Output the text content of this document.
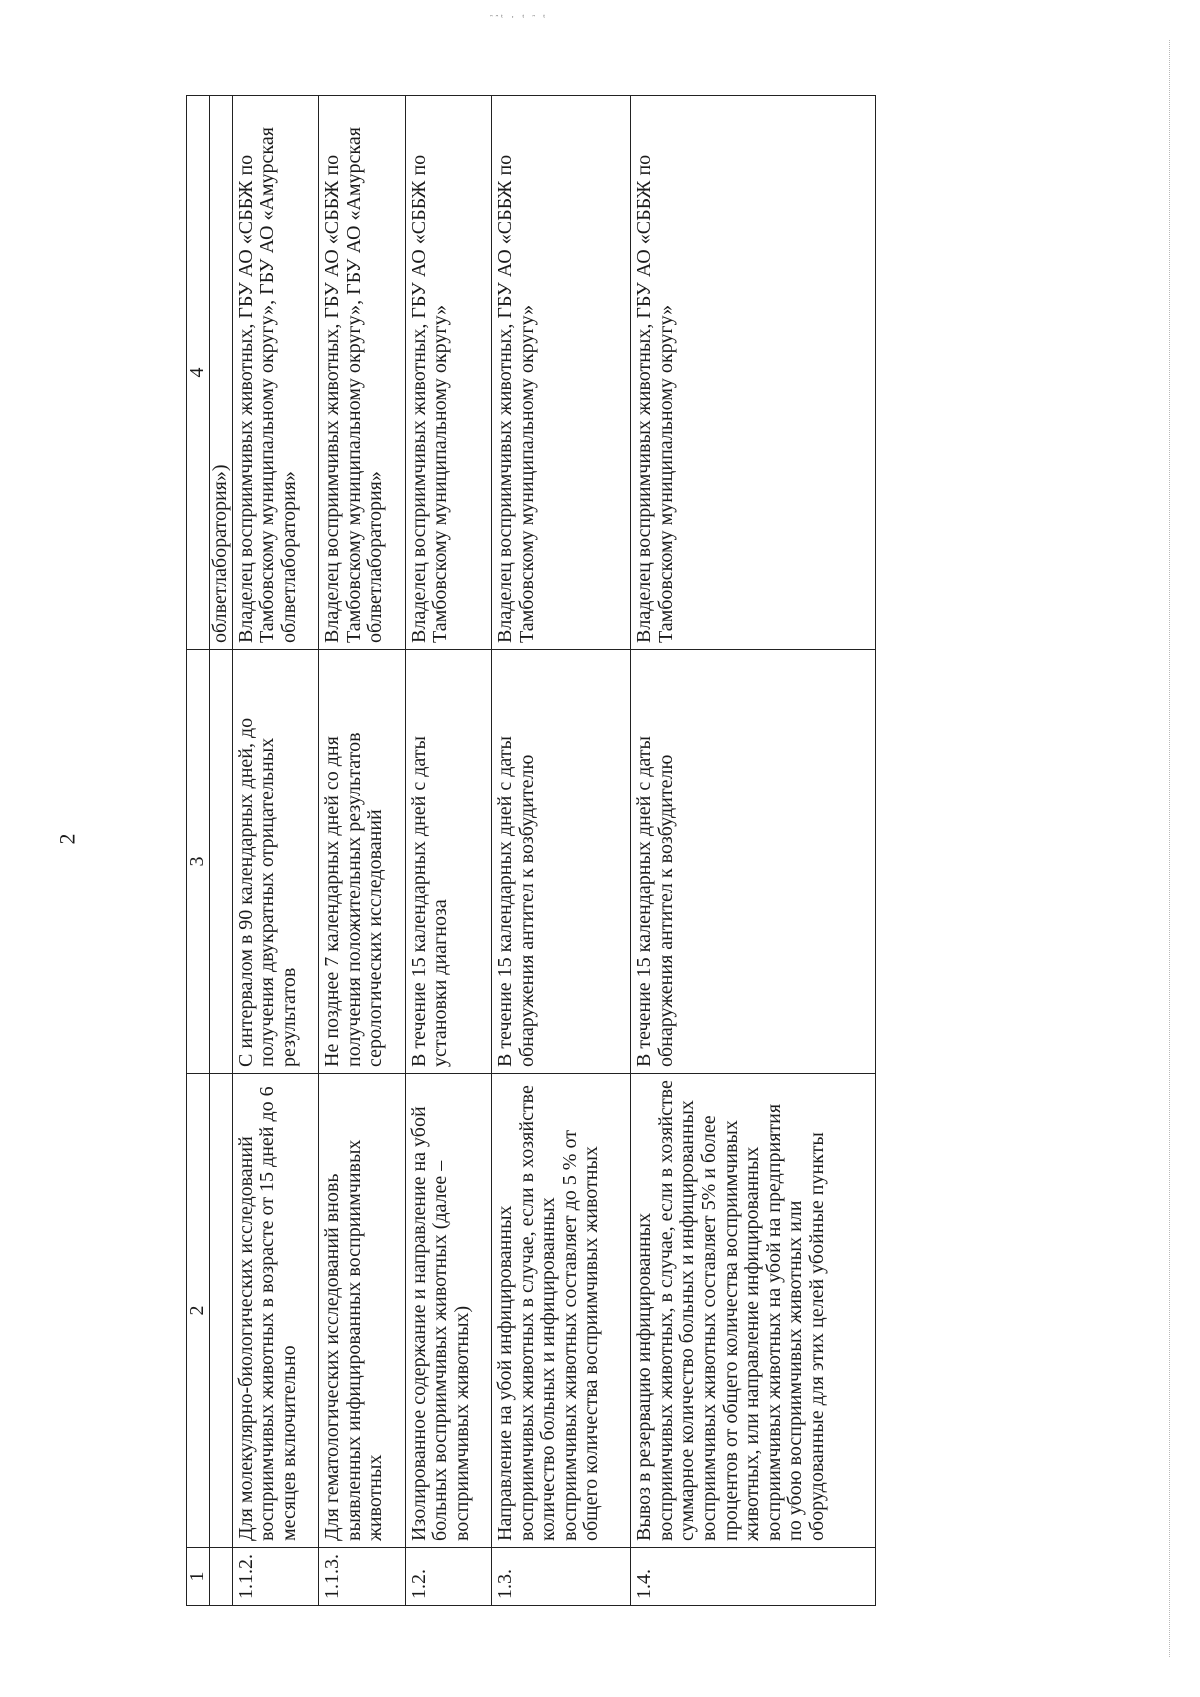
ᵔᵔᵗ · ᵗ ᵔ ᵗ
2
1	2	3	4
			облветлаборатория»)
1.1.2.	Для молекулярно-биологических исследований восприимчивых животных в возрасте от 15 дней до 6 месяцев включительно	С интервалом в 90 календарных дней, до получения двукратных отрицательных результатов	Владелец восприимчивых животных, ГБУ АО «СББЖ по Тамбовскому муниципальному округу», ГБУ АО «Амурская облветлаборатория»
1.1.3.	Для гематологических исследований вновь выявленных инфицированных восприимчивых животных	Не позднее 7 календарных дней со дня получения положительных результатов серологических исследований	Владелец восприимчивых животных, ГБУ АО «СББЖ по Тамбовскому муниципальному округу», ГБУ АО «Амурская облветлаборатория»
1.2.	Изолированное содержание и направление на убой больных восприимчивых животных (далее – восприимчивых животных)	В течение 15 календарных дней с даты установки диагноза	Владелец восприимчивых животных, ГБУ АО «СББЖ по Тамбовскому муниципальному округу»
1.3.	Направление на убой инфицированных восприимчивых животных в случае, если в хозяйстве количество больных и инфицированных восприимчивых животных составляет до 5 % от общего количества восприимчивых животных	В течение 15 календарных дней с даты обнаружения антител к возбудителю	Владелец восприимчивых животных, ГБУ АО «СББЖ по Тамбовскому муниципальному округу»
1.4.	Вывоз в резервацию инфицированных восприимчивых животных, в случае, если в хозяйстве суммарное количество больных и инфицированных восприимчивых животных составляет 5% и более процентов от общего количества восприимчивых животных, или направление инфицированных восприимчивых животных на убой на предприятия по убою восприимчивых животных или оборудованные для этих целей убойные пункты	В течение 15 календарных дней с даты обнаружения антител к возбудителю	Владелец восприимчивых животных, ГБУ АО «СББЖ по Тамбовскому муниципальному округу»
